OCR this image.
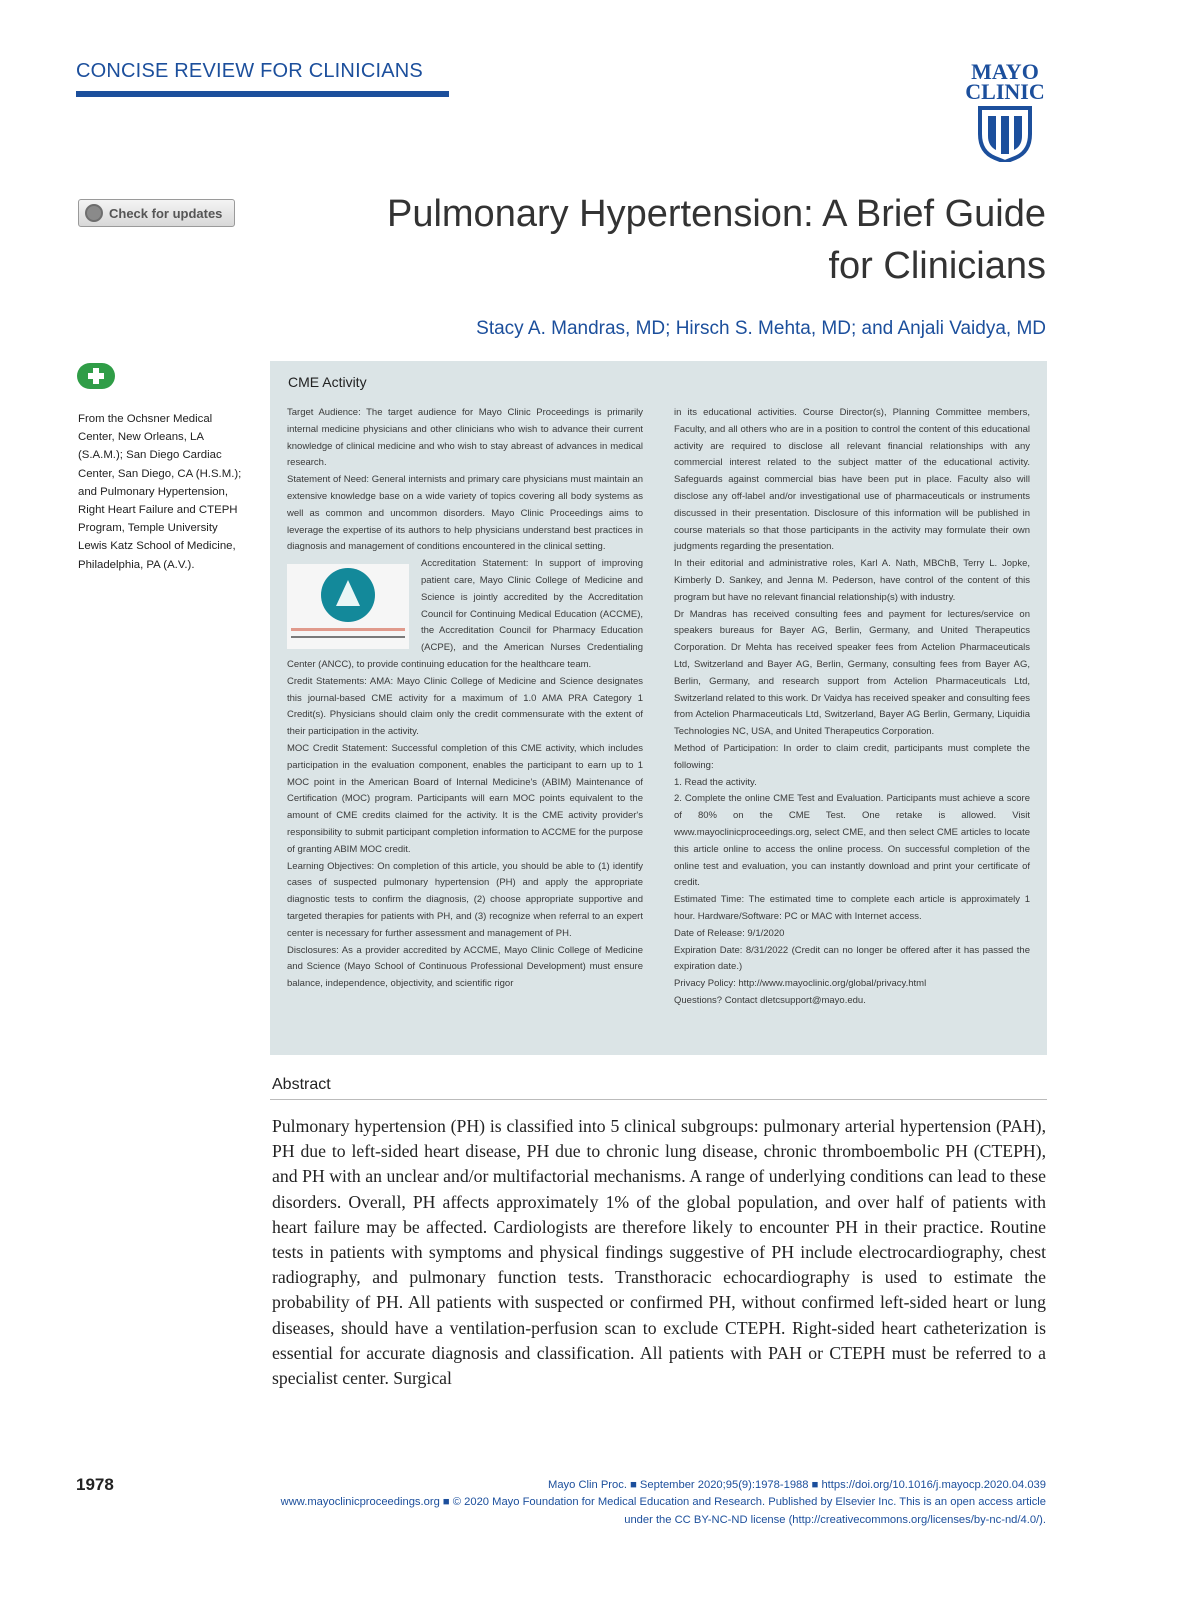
CONCISE REVIEW FOR CLINICIANS	MAYO
CLINIC
Check for updates	Pulmonary Hypertension: A Brief Guide
for Clinicians
Stacy A. Mandras, MD; Hirsch S. Mehta, MD; and Anjali Vaidya, MD
From the Ochsner Medical Center, New Orleans, LA (S.A.M.); San Diego Cardiac Center, San Diego, CA (H.S.M.); and Pulmonary Hypertension, Right Heart Failure and CTEPH Program, Temple University Lewis Katz School of Medicine, Philadelphia, PA (A.V.).
CME Activity

Target Audience: The target audience for Mayo Clinic Proceedings is primarily internal medicine physicians and other clinicians who wish to advance their current knowledge of clinical medicine and who wish to stay abreast of advances in medical research.

Statement of Need: General internists and primary care physicians must maintain an extensive knowledge base on a wide variety of topics covering all body systems as well as common and uncommon disorders. Mayo Clinic Proceedings aims to leverage the expertise of its authors to help physicians understand best practices in diagnosis and management of conditions encountered in the clinical setting.

Accreditation Statement: In support of improving patient care, Mayo Clinic College of Medicine and Science is jointly accredited by the Accreditation Council for Continuing Medical Education (ACCME), the Accreditation Council for Pharmacy Education (ACPE), and the American Nurses Credentialing Center (ANCC), to provide continuing education for the healthcare team.

Credit Statements: AMA: Mayo Clinic College of Medicine and Science designates this journal-based CME activity for a maximum of 1.0 AMA PRA Category 1 Credit(s). Physicians should claim only the credit commensurate with the extent of their participation in the activity.

MOC Credit Statement: Successful completion of this CME activity, which includes participation in the evaluation component, enables the participant to earn up to 1 MOC point in the American Board of Internal Medicine's (ABIM) Maintenance of Certification (MOC) program. Participants will earn MOC points equivalent to the amount of CME credits claimed for the activity. It is the CME activity provider's responsibility to submit participant completion information to ACCME for the purpose of granting ABIM MOC credit.

Learning Objectives: On completion of this article, you should be able to (1) identify cases of suspected pulmonary hypertension (PH) and apply the appropriate diagnostic tests to confirm the diagnosis, (2) choose appropriate supportive and targeted therapies for patients with PH, and (3) recognize when referral to an expert center is necessary for further assessment and management of PH.

Disclosures: As a provider accredited by ACCME, Mayo Clinic College of Medicine and Science (Mayo School of Continuous Professional Development) must ensure balance, independence, objectivity, and scientific rigor

in its educational activities. Course Director(s), Planning Committee members, Faculty, and all others who are in a position to control the content of this educational activity are required to disclose all relevant financial relationships with any commercial interest related to the subject matter of the educational activity. Safeguards against commercial bias have been put in place. Faculty also will disclose any off-label and/or investigational use of pharmaceuticals or instruments discussed in their presentation. Disclosure of this information will be published in course materials so that those participants in the activity may formulate their own judgments regarding the presentation.

In their editorial and administrative roles, Karl A. Nath, MBChB, Terry L. Jopke, Kimberly D. Sankey, and Jenna M. Pederson, have control of the content of this program but have no relevant financial relationship(s) with industry.

Dr Mandras has received consulting fees and payment for lectures/service on speakers bureaus for Bayer AG, Berlin, Germany, and United Therapeutics Corporation. Dr Mehta has received speaker fees from Actelion Pharmaceuticals Ltd, Switzerland and Bayer AG, Berlin, Germany, consulting fees from Bayer AG, Berlin, Germany, and research support from Actelion Pharmaceuticals Ltd, Switzerland related to this work. Dr Vaidya has received speaker and consulting fees from Actelion Pharmaceuticals Ltd, Switzerland, Bayer AG Berlin, Germany, Liquidia Technologies NC, USA, and United Therapeutics Corporation.

Method of Participation: In order to claim credit, participants must complete the following:

1. Read the activity.

2. Complete the online CME Test and Evaluation. Participants must achieve a score of 80% on the CME Test. One retake is allowed. Visit www.mayoclinicproceedings.org, select CME, and then select CME articles to locate this article online to access the online process. On successful completion of the online test and evaluation, you can instantly download and print your certificate of credit.

Estimated Time: The estimated time to complete each article is approximately 1 hour. Hardware/Software: PC or MAC with Internet access.

Date of Release: 9/1/2020

Expiration Date: 8/31/2022 (Credit can no longer be offered after it has passed the expiration date.)

Privacy Policy: http://www.mayoclinic.org/global/privacy.html

Questions? Contact dletcsupport@mayo.edu.

Abstract

Pulmonary hypertension (PH) is classified into 5 clinical subgroups: pulmonary arterial hypertension (PAH), PH due to left-sided heart disease, PH due to chronic lung disease, chronic thromboembolic PH (CTEPH), and PH with an unclear and/or multifactorial mechanisms. A range of underlying conditions can lead to these disorders. Overall, PH affects approximately 1% of the global population, and over half of patients with heart failure may be affected. Cardiologists are therefore likely to encounter PH in their practice. Routine tests in patients with symptoms and physical findings suggestive of PH include electrocardiography, chest radiography, and pulmonary function tests. Transthoracic echocardiography is used to estimate the probability of PH. All patients with suspected or confirmed PH, without confirmed left-sided heart or lung diseases, should have a ventilation-perfusion scan to exclude CTEPH. Right-sided heart catheterization is essential for accurate diagnosis and classification. All patients with PAH or CTEPH must be referred to a specialist center. Surgical

1978	Mayo Clin Proc. ■ September 2020;95(9):1978-1988 ■ https://doi.org/10.1016/j.mayocp.2020.04.039
www.mayoclinicproceedings.org ■ © 2020 Mayo Foundation for Medical Education and Research. Published by Elsevier Inc. This is an open access article
under the CC BY-NC-ND license (http://creativecommons.org/licenses/by-nc-nd/4.0/).
